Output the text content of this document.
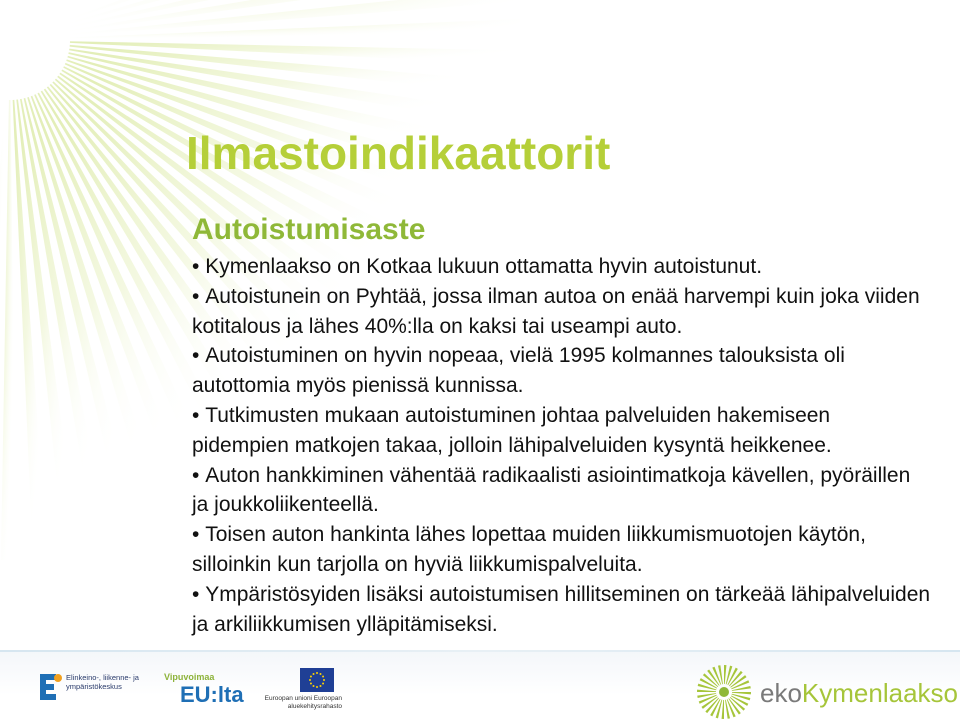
Ilmastoindikaattorit
Autoistumisaste
• Kymenlaakso on Kotkaa lukuun ottamatta hyvin autoistunut.
• Autoistunein on Pyhtää, jossa ilman autoa on enää harvempi kuin joka viiden kotitalous ja lähes 40%:lla on kaksi tai useampi auto.
• Autoistuminen on hyvin nopeaa, vielä 1995 kolmannes talouksista oli autottomia myös pienissä kunnissa.
• Tutkimusten mukaan autoistuminen johtaa palveluiden hakemiseen pidempien matkojen takaa, jolloin lähipalveluiden kysyntä heikkenee.
• Auton hankkiminen vähentää radikaalisti asiointimatkoja kävellen, pyöräillen ja joukkoliikenteellä.
• Toisen auton hankinta lähes lopettaa muiden liikkumismuotojen käytön, silloinkin kun tarjolla on hyviä liikkumispalveluita.
• Ympäristösyiden lisäksi autoistumisen hillitseminen on tärkeää lähipalveluiden ja arkiliikkumisen ylläpitämiseksi.
Elinkeino-, liikenne- ja ympäristökeskus
Vipuvoimaa
EU:lta	Euroopan unioni Euroopan aluekehitysrahasto	ekoKymenlaakso
